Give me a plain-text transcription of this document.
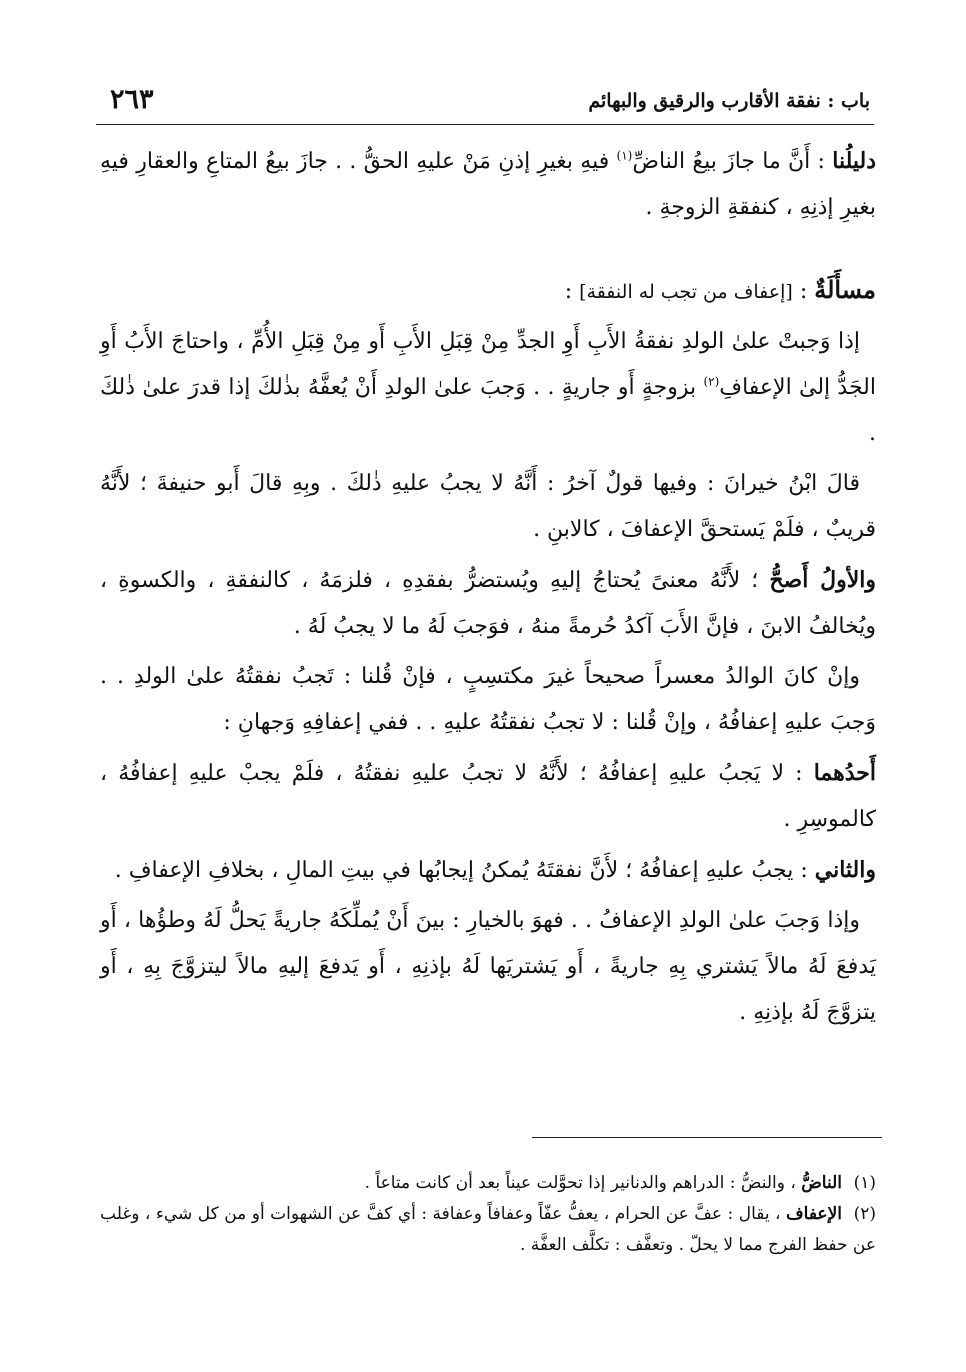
باب : نفقة الأقارب والرقيق والبهائم
٢٦٣

دليلُنا : أَنَّ ما جازَ بيعُ الناضِّ$^{(١)}$ فيهِ بغيرِ إذنِ مَنْ عليهِ الحقُّ . . جازَ بيعُ المتاعِ والعقارِ فيهِ بغيرِ إذنِهِ ، كنفقةِ الزوجةِ .

مسأَلَةٌ : [إعفاف من تجب له النفقة] :

إذا وَجبتْ علىٰ الولدِ نفقةُ الأَبِ أَوِ الجدِّ مِنْ قِبَلِ الأَبِ أَو مِنْ قِبَلِ الأُمِّ ، واحتاجَ الأَبُ أَوِ الجَدُّ إلىٰ الإعفافِ$^{(٢)}$ بزوجةٍ أَو جاريةٍ . . وَجبَ علىٰ الولدِ أَنْ يُعفَّهُ بذٰلكَ إذا قدرَ علىٰ ذٰلكَ .

قالَ ابْنُ خيرانَ : وفيها قولٌ آخرُ : أَنَّهُ لا يجبُ عليهِ ذٰلكَ . وبِهِ قالَ أَبو حنيفةَ ؛ لأَنَّهُ قريبٌ ، فلَمْ يَستحقَّ الإعفافَ ، كالابنِ .

والأولُ أَصحُّ ؛ لأَنَّهُ معنىً يُحتاجُ إليهِ ويُستضرُّ بفقدِهِ ، فلزمَهُ ، كالنفقةِ ، والكسوةِ ، ويُخالفُ الابنَ ، فإنَّ الأَبَ آكدُ حُرمةً منهُ ، فوَجبَ لَهُ ما لا يجبُ لَهُ .

وإنْ كانَ الوالدُ معسراً صحيحاً غيرَ مكتسِبٍ ، فإنْ قُلنا : تَجبُ نفقتُهُ علىٰ الولدِ . . وَجبَ عليهِ إعفافُهُ ، وإنْ قُلنا : لا تجبُ نفقتُهُ عليهِ . . ففي إعفافِهِ وَجهانِ :

أَحدُهما : لا يَجبُ عليهِ إعفافُهُ ؛ لأَنَّهُ لا تجبُ عليهِ نفقتُهُ ، فلَمْ يجبْ عليهِ إعفافُهُ ، كالموسِرِ .

والثاني : يجبُ عليهِ إعفافُهُ ؛ لأَنَّ نفقتَهُ يُمكنُ إيجابُها في بيتِ المالِ ، بخلافِ الإعفافِ .

وإذا وَجبَ علىٰ الولدِ الإعفافُ . . فهوَ بالخيارِ : بينَ أَنْ يُملِّكَهُ جاريةً يَحلُّ لَهُ وطؤُها ، أَو يَدفعَ لَهُ مالاً يَشتري بِهِ جاريةً ، أَو يَشتريَها لَهُ بإذنِهِ ، أَو يَدفعَ إليهِ مالاً ليتزوَّجَ بِهِ ، أَو يتزوَّجَ لَهُ بإذنِهِ .

(١)الناضُّ ، والنضُّ : الدراهم والدنانير إذا تحوَّلت عيناً بعد أن كانت متاعاً .

(٢)الإعفاف ، يقال : عفَّ عن الحرام ، يعفُّ عفّاً وعفافاً وعفافة : أي كفَّ عن الشهوات أو من كل شيء ، وغلب عن حفظ الفرج مما لا يحلّ . وتعفَّف : تكلَّف العفَّة .
